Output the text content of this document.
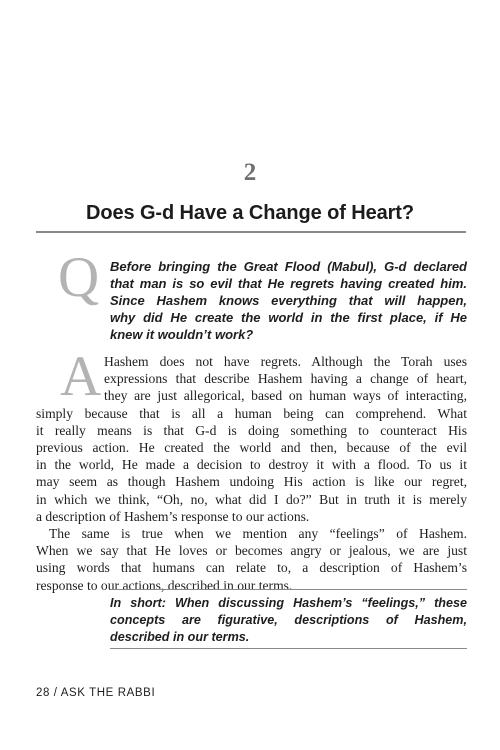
2
Does G-d Have a Change of Heart?
Q Before bringing the Great Flood (Mabul), G-d declared
that man is so evil that He regrets having created him.
Since Hashem knows everything that will happen,
why did He create the world in the first place, if He
knew it wouldn’t work?
A Hashem does not have regrets. Although the Torah uses
expressions that describe Hashem having a change of heart,
they are just allegorical, based on human ways of interacting,
simply because that is all a human being can comprehend. What
it really means is that G-d is doing something to counteract His
previous action. He created the world and then, because of the evil
in the world, He made a decision to destroy it with a flood. To us it
may seem as though Hashem undoing His action is like our regret,
in which we think, “Oh, no, what did I do?” But in truth it is merely
a description of Hashem’s response to our actions.
The same is true when we mention any “feelings” of Hashem.
When we say that He loves or becomes angry or jealous, we are just
using words that humans can relate to, a description of Hashem’s
response to our actions, described in our terms.
In short: When discussing Hashem’s “feelings,” these
concepts are figurative, descriptions of Hashem,
described in our terms.
28 / ASK THE RABBI
